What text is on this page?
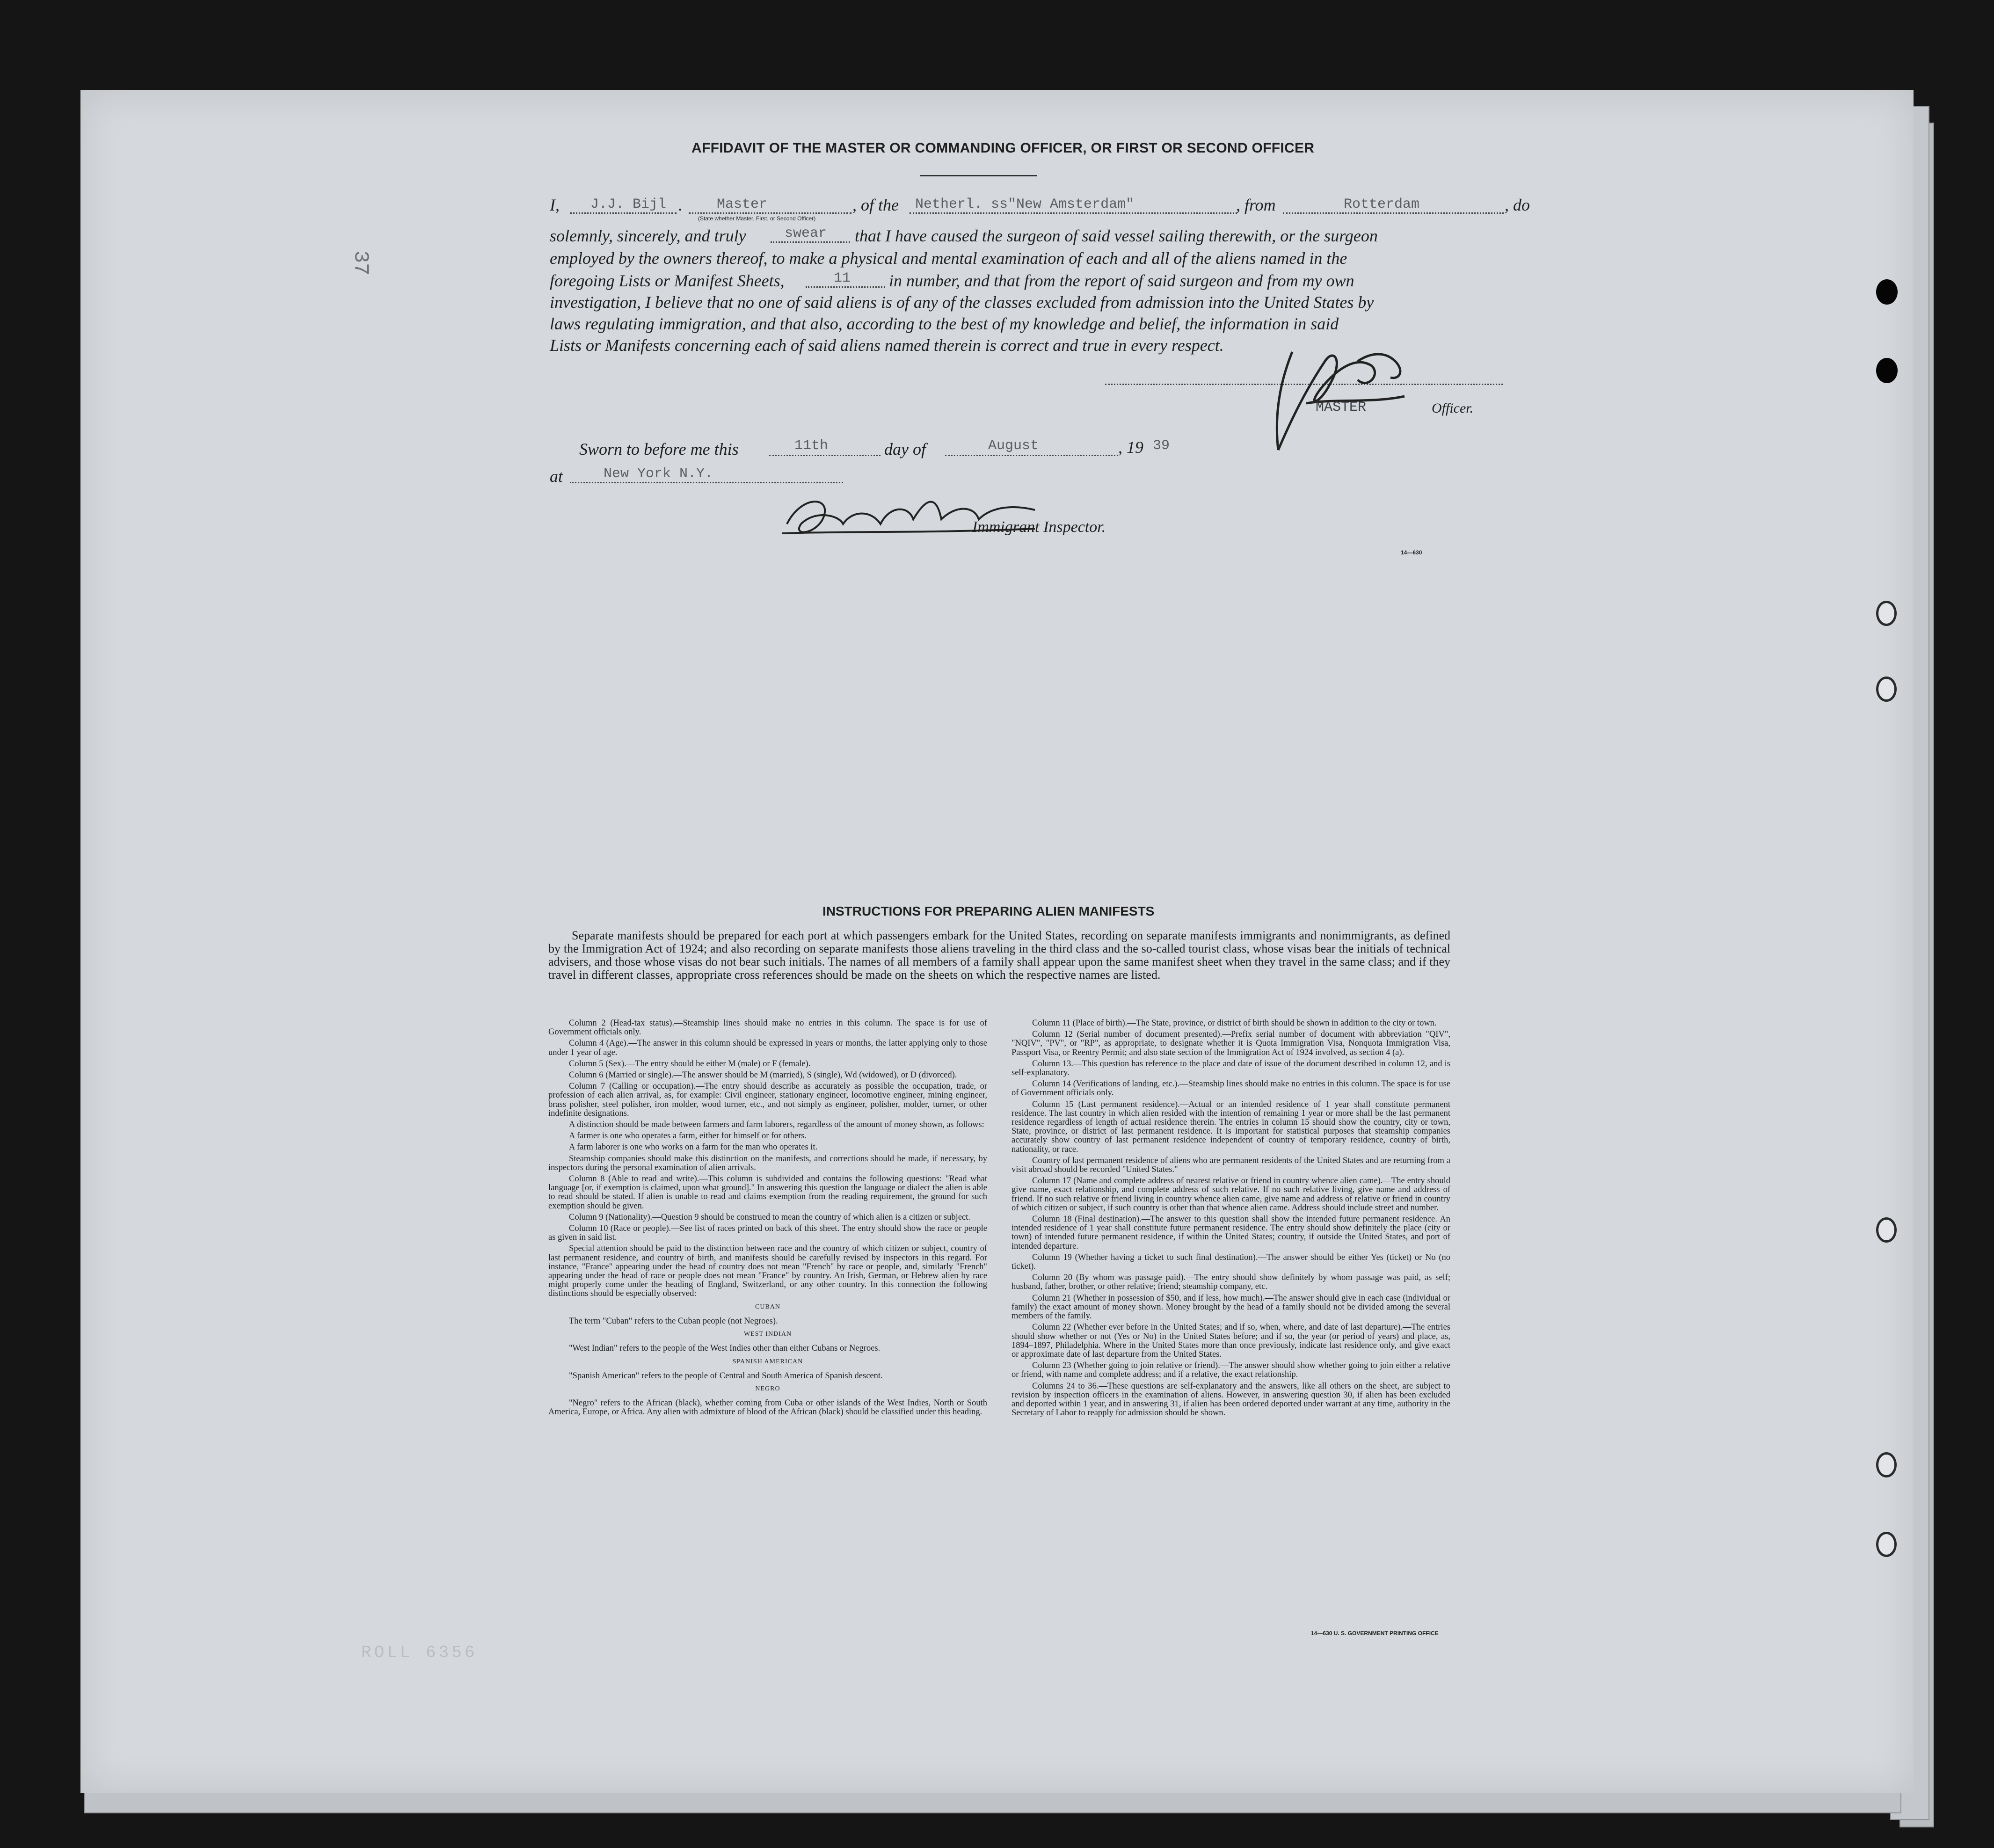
37
ROLL 6356
AFFIDAVIT OF THE MASTER OR COMMANDING OFFICER, OR FIRST OR SECOND OFFICER
I, J.J. Bijl . Master
(State whether Master, First, or Second Officer)
, of the Netherl. ss"New Amsterdam"	, from	Rotterdam	, do
solemnly, sincerely, and truly	swear that I have caused the surgeon of said vessel sailing therewith, or the surgeon
employed by the owners thereof, to make a physical and mental examination of each and all of the aliens named in the
foregoing Lists or Manifest Sheets,	11 in number, and that from the report of said surgeon and from my own
investigation, I believe that no one of said aliens is of any of the classes excluded from admission into the United States by
laws regulating immigration, and that also, according to the best of my knowledge and belief, the information in said
Lists or Manifests concerning each of said aliens named therein is correct and true in every respect.
MASTER	Officer.
Sworn to before me this	11th	day of	August	, 19 39
at	New York N.Y.
Immigrant Inspector.
14—630
INSTRUCTIONS FOR PREPARING ALIEN MANIFESTS
Separate manifests should be prepared for each port at which passengers embark for the United States, recording on separate manifests immigrants and nonimmigrants, as defined by the Immigration Act of 1924; and also recording on separate manifests those aliens traveling in the third class and the so-called tourist class, whose visas bear the initials of technical advisers, and those whose visas do not bear such initials. The names of all members of a family shall appear upon the same manifest sheet when they travel in the same class; and if they travel in different classes, appropriate cross references should be made on the sheets on which the respective names are listed.

Column 2 (Head-tax status).—Steamship lines should make no entries in this column. The space is for use of Government officials only.

Column 4 (Age).—The answer in this column should be expressed in years or months, the latter applying only to those under 1 year of age.

Column 5 (Sex).—The entry should be either M (male) or F (female).

Column 6 (Married or single).—The answer should be M (married), S (single), Wd (widowed), or D (divorced).

Column 7 (Calling or occupation).—The entry should describe as accurately as possible the occupation, trade, or profession of each alien arrival, as, for example: Civil engineer, stationary engineer, locomotive engineer, mining engineer, brass polisher, steel polisher, iron molder, wood turner, etc., and not simply as engineer, polisher, molder, turner, or other indefinite designations.

A distinction should be made between farmers and farm laborers, regardless of the amount of money shown, as follows:

A farmer is one who operates a farm, either for himself or for others.

A farm laborer is one who works on a farm for the man who operates it.

Steamship companies should make this distinction on the manifests, and corrections should be made, if necessary, by inspectors during the personal examination of alien arrivals.

Column 8 (Able to read and write).—This column is subdivided and contains the following questions: "Read what language [or, if exemption is claimed, upon what ground]." In answering this question the language or dialect the alien is able to read should be stated. If alien is unable to read and claims exemption from the reading requirement, the ground for such exemption should be given.

Column 9 (Nationality).—Question 9 should be construed to mean the country of which alien is a citizen or subject.

Column 10 (Race or people).—See list of races printed on back of this sheet. The entry should show the race or people as given in said list.

Special attention should be paid to the distinction between race and the country of which citizen or subject, country of last permanent residence, and country of birth, and manifests should be carefully revised by inspectors in this regard. For instance, "France" appearing under the head of country does not mean "French" by race or people, and, similarly "French" appearing under the head of race or people does not mean "France" by country. An Irish, German, or Hebrew alien by race might properly come under the heading of England, Switzerland, or any other country. In this connection the following distinctions should be especially observed:

CUBAN

The term "Cuban" refers to the Cuban people (not Negroes).

WEST INDIAN

"West Indian" refers to the people of the West Indies other than either Cubans or Negroes.

SPANISH AMERICAN

"Spanish American" refers to the people of Central and South America of Spanish descent.

NEGRO

"Negro" refers to the African (black), whether coming from Cuba or other islands of the West Indies, North or South America, Europe, or Africa. Any alien with admixture of blood of the African (black) should be classified under this heading.

Column 11 (Place of birth).—The State, province, or district of birth should be shown in addition to the city or town.

Column 12 (Serial number of document presented).—Prefix serial number of document with abbreviation "QIV", "NQIV", "PV", or "RP", as appropriate, to designate whether it is Quota Immigration Visa, Nonquota Immigration Visa, Passport Visa, or Reentry Permit; and also state section of the Immigration Act of 1924 involved, as section 4 (a).

Column 13.—This question has reference to the place and date of issue of the document described in column 12, and is self-explanatory.

Column 14 (Verifications of landing, etc.).—Steamship lines should make no entries in this column. The space is for use of Government officials only.

Column 15 (Last permanent residence).—Actual or an intended residence of 1 year shall constitute permanent residence. The last country in which alien resided with the intention of remaining 1 year or more shall be the last permanent residence regardless of length of actual residence therein. The entries in column 15 should show the country, city or town, State, province, or district of last permanent residence. It is important for statistical purposes that steamship companies accurately show country of last permanent residence independent of country of temporary residence, country of birth, nationality, or race.

Country of last permanent residence of aliens who are permanent residents of the United States and are returning from a visit abroad should be recorded "United States."

Column 17 (Name and complete address of nearest relative or friend in country whence alien came).—The entry should give name, exact relationship, and complete address of such relative. If no such relative living, give name and address of friend. If no such relative or friend living in country whence alien came, give name and address of relative or friend in country of which citizen or subject, if such country is other than that whence alien came. Address should include street and number.

Column 18 (Final destination).—The answer to this question shall show the intended future permanent residence. An intended residence of 1 year shall constitute future permanent residence. The entry should show definitely the place (city or town) of intended future permanent residence, if within the United States; country, if outside the United States, and port of intended departure.

Column 19 (Whether having a ticket to such final destination).—The answer should be either Yes (ticket) or No (no ticket).

Column 20 (By whom was passage paid).—The entry should show definitely by whom passage was paid, as self; husband, father, brother, or other relative; friend; steamship company, etc.

Column 21 (Whether in possession of $50, and if less, how much).—The answer should give in each case (individual or family) the exact amount of money shown. Money brought by the head of a family should not be divided among the several members of the family.

Column 22 (Whether ever before in the United States; and if so, when, where, and date of last departure).—The entries should show whether or not (Yes or No) in the United States before; and if so, the year (or period of years) and place, as, 1894–1897, Philadelphia. Where in the United States more than once previously, indicate last residence only, and give exact or approximate date of last departure from the United States.

Column 23 (Whether going to join relative or friend).—The answer should show whether going to join either a relative or friend, with name and complete address; and if a relative, the exact relationship.

Columns 24 to 36.—These questions are self-explanatory and the answers, like all others on the sheet, are subject to revision by inspection officers in the examination of aliens. However, in answering question 30, if alien has been excluded and deported within 1 year, and in answering 31, if alien has been ordered deported under warrant at any time, authority in the Secretary of Labor to reapply for admission should be shown.

14—630 U. S. GOVERNMENT PRINTING OFFICE
